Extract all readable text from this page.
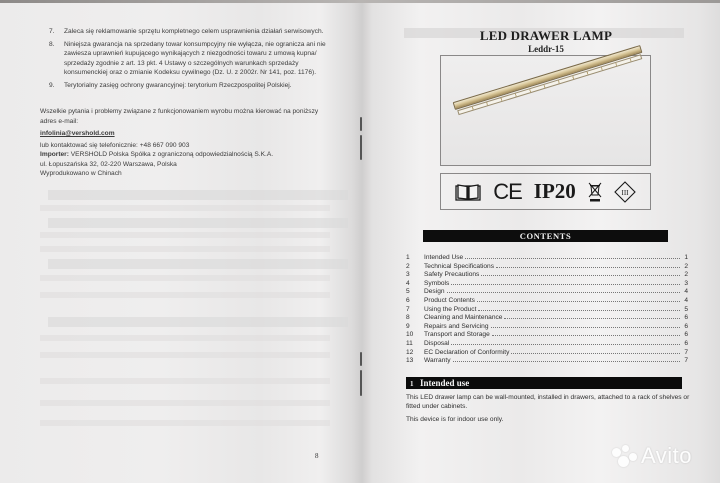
7.	Zaleca się reklamowanie sprzętu kompletnego celem usprawnienia działań serwisowych.
8.	Niniejsza gwarancja na sprzedany towar konsumpcyjny nie wyłącza, nie ogranicza ani nie zawiesza uprawnień kupującego wynikających z niezgodności towaru z umową kupna/ sprzedaży zgodnie z art. 13 pkt. 4 Ustawy o szczególnych warunkach sprzedaży konsumenckiej oraz o zmianie Kodeksu cywilnego (Dz. U. z 2002r. Nr 141, poz. 1176).
9.	Terytorialny zasięg ochrony gwarancyjnej: terytorium Rzeczpospolitej Polskiej.
Wszelkie pytania i problemy związane z funkcjonowaniem wyrobu można kierować na poniższy adres e-mail:
infolinia@vershold.com
lub kontaktować się telefonicznie: +48 667 090 903
Importer: VERSHOLD Polska Spółka z ograniczoną odpowiedzialnością S.K.A.
ul. Łopuszańska 32, 02-220 Warszawa, Polska
Wyprodukowano w Chinach
8
LED DRAWER LAMP
Leddr-15
CE IP20	III
CONTENTS
1	Intended Use	1
2	Technical Specifications	2
3	Safety Precautions	2
4	Symbols	3
5	Design	4
6	Product Contents	4
7	Using the Product	5
8	Cleaning and Maintenance	6
9	Repairs and Servicing	6
10	Transport and Storage	6
11	Disposal	6
12	EC Declaration of Conformity	7
13	Warranty	7
1 Intended use

This LED drawer lamp can be wall-mounted, installed in drawers, attached to a rack of shelves or fitted under cabinets.

This device is for indoor use only.

Avito
